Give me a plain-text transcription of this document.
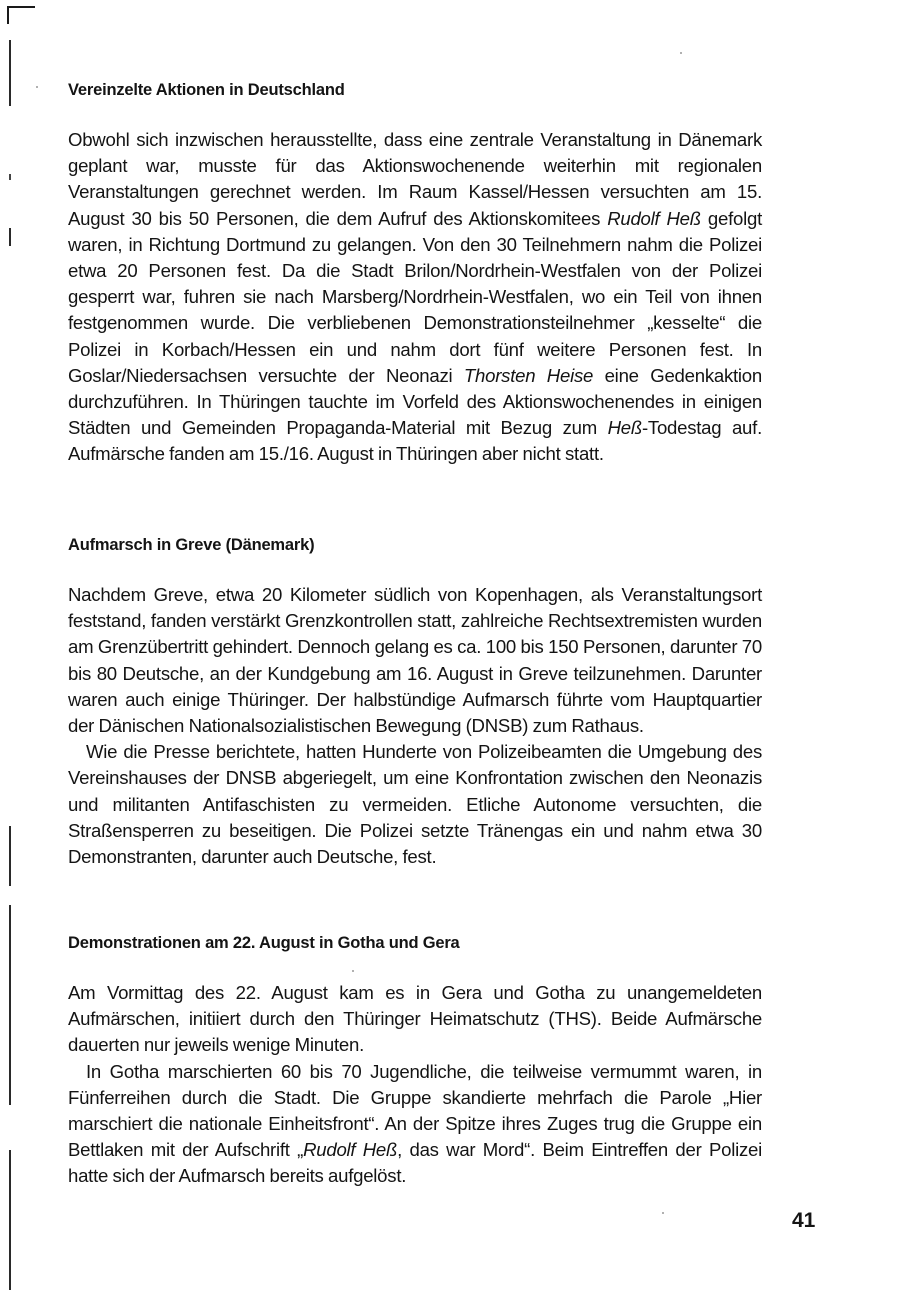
Vereinzelte Aktionen in Deutschland

Obwohl sich inzwischen herausstellte, dass eine zentrale Veranstaltung in Dänemark geplant war, musste für das Aktionswochenende weiterhin mit regionalen Veranstaltungen gerechnet werden. Im Raum Kassel/Hessen versuchten am 15. August 30 bis 50 Personen, die dem Aufruf des Aktionskomitees Rudolf Heß gefolgt waren, in Richtung Dortmund zu gelangen. Von den 30 Teilnehmern nahm die Polizei etwa 20 Personen fest. Da die Stadt Brilon/Nordrhein-Westfalen von der Polizei gesperrt war, fuhren sie nach Marsberg/Nordrhein-Westfalen, wo ein Teil von ihnen festgenommen wurde. Die verbliebenen Demonstrationsteilnehmer „kesselte“ die Polizei in Korbach/Hessen ein und nahm dort fünf weitere Personen fest. In Goslar/Niedersachsen versuchte der Neonazi Thorsten Heise eine Gedenkaktion durchzuführen. In Thüringen tauchte im Vorfeld des Aktionswochenendes in einigen Städten und Gemeinden Propaganda-Material mit Bezug zum Heß-Todestag auf. Aufmärsche fanden am 15./16. August in Thüringen aber nicht statt.

Aufmarsch in Greve (Dänemark)

Nachdem Greve, etwa 20 Kilometer südlich von Kopenhagen, als Veranstaltungsort feststand, fanden verstärkt Grenzkontrollen statt, zahlreiche Rechtsextremisten wurden am Grenzübertritt gehindert. Dennoch gelang es ca. 100 bis 150 Personen, darunter 70 bis 80 Deutsche, an der Kundgebung am 16. August in Greve teilzunehmen. Darunter waren auch einige Thüringer. Der halbstündige Aufmarsch führte vom Hauptquartier der Dänischen Nationalsozialistischen Bewegung (DNSB) zum Rathaus.

Wie die Presse berichtete, hatten Hunderte von Polizeibeamten die Umgebung des Vereinshauses der DNSB abgeriegelt, um eine Konfrontation zwischen den Neonazis und militanten Antifaschisten zu vermeiden. Etliche Autonome versuchten, die Straßensperren zu beseitigen. Die Polizei setzte Tränengas ein und nahm etwa 30 Demonstranten, darunter auch Deutsche, fest.

Demonstrationen am 22. August in Gotha und Gera

Am Vormittag des 22. August kam es in Gera und Gotha zu unangemeldeten Aufmärschen, initiiert durch den Thüringer Heimatschutz (THS). Beide Aufmärsche dauerten nur jeweils wenige Minuten.

In Gotha marschierten 60 bis 70 Jugendliche, die teilweise vermummt waren, in Fünferreihen durch die Stadt. Die Gruppe skandierte mehrfach die Parole „Hier marschiert die nationale Einheitsfront“. An der Spitze ihres Zuges trug die Gruppe ein Bettlaken mit der Aufschrift „Rudolf Heß, das war Mord“. Beim Eintreffen der Polizei hatte sich der Aufmarsch bereits aufgelöst.

41
